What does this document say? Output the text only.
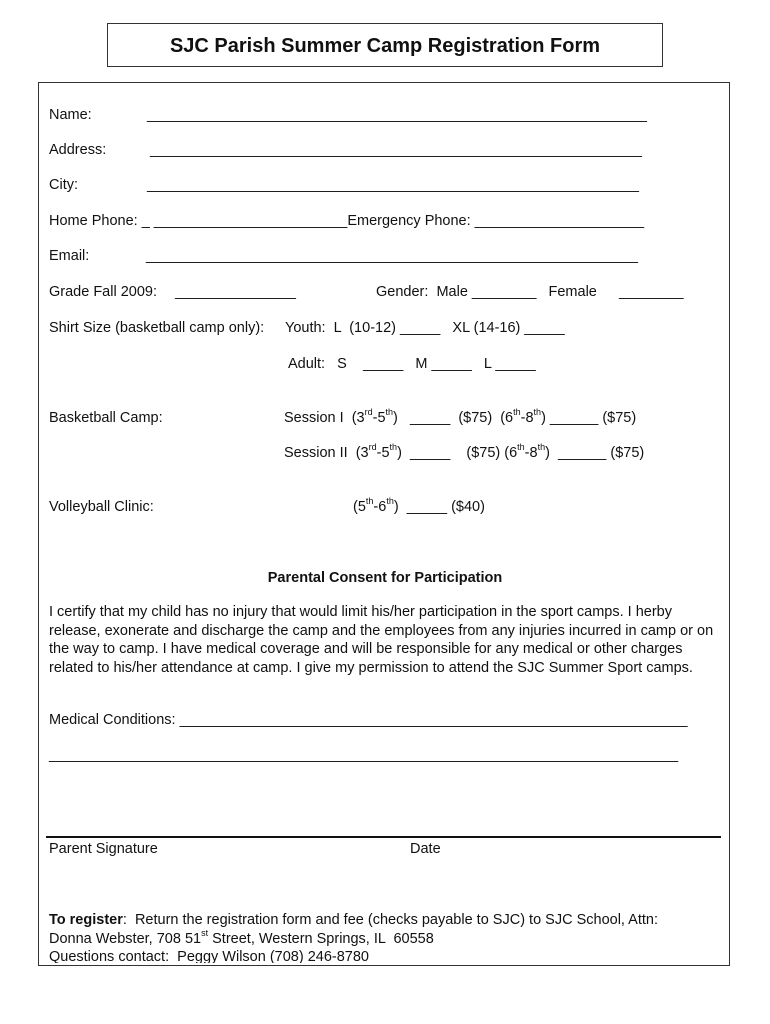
SJC Parish Summer Camp Registration Form
Name:	______________________________________________________________
Address:	_____________________________________________________________
City:	_____________________________________________________________
Home Phone: _ ________________________Emergency Phone: _____________________
Email:	_____________________________________________________________
Grade Fall 2009: _______________	Gender:  Male ________   Female ________
Shirt Size (basketball camp only): Youth:  L  (10-12) _____   XL (14-16) _____
Adult:   S    _____   M _____   L _____
Basketball Camp:	Session I  (3rd-5th)   _____  ($75)  (6th-8th) ______ ($75)
Session II  (3rd-5th)  _____    ($75) (6th-8th)  ______ ($75)
Volleyball Clinic:	(5th-6th)  _____ ($40)
Parental Consent for Participation
I certify that my child has no injury that would limit his/her participation in the sport camps. I herby release, exonerate and discharge the camp and the employees from any injuries incurred in camp or on the way to camp. I have medical coverage and will be responsible for any medical or other charges related to his/her attendance at camp. I give my permission to attend the SJC Summer Sport camps.
Medical Conditions: _______________________________________________________________
______________________________________________________________________________
Parent Signature	Date
To register:  Return the registration form and fee (checks payable to SJC) to SJC School, Attn:
Donna Webster, 708 51st Street, Western Springs, IL  60558
Questions contact:  Peggy Wilson (708) 246-8780
